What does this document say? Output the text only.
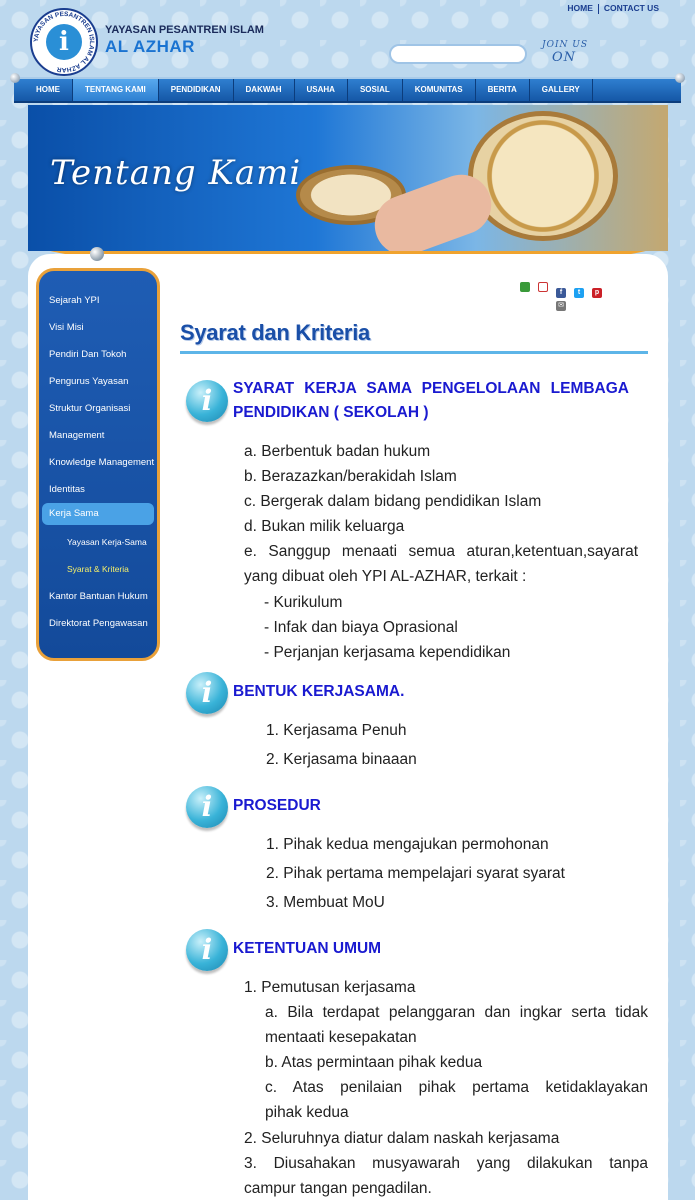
YAYASAN PESANTREN ISLAM AL AZHAR
i	YAYASAN PESANTREN ISLAM
AL AZHAR
HOME CONTACT US
JOIN US
ON
HOME	TENTANG KAMI	PENDIDIKAN	DAKWAH	USAHA	SOSIAL	KOMUNITAS	BERITA	GALLERY
Tentang Kami
Sejarah YPI
Visi Misi
Pendiri Dan Tokoh
Pengurus Yayasan
Struktur Organisasi
Management
Knowledge Management
Identitas
Kerja Sama
Yayasan Kerja-Sama
Syarat & Kriteria
Kantor Bantuan Hukum
Direktorat Pengawasan
f	t	p
✉
Syarat dan Kriteria
i	SYARAT KERJA SAMA PENGELOLAAN LEMBAGA
PENDIDIKAN ( SEKOLAH )
a. Berbentuk badan hukum
b. Berazazkan/berakidah Islam
c. Bergerak dalam bidang pendidikan Islam
d. Bukan milik keluarga
e. Sanggup menaati semua aturan,ketentuan,sayarat
yang dibuat oleh YPI AL-AZHAR, terkait :
- Kurikulum
- Infak dan biaya Oprasional
- Perjanjan kerjasama kependidikan
i	BENTUK KERJASAMA.
1. Kerjasama Penuh
2. Kerjasama binaaan
i	PROSEDUR
1. Pihak kedua mengajukan permohonan
2. Pihak pertama mempelajari syarat syarat
3. Membuat MoU
i	KETENTUAN UMUM
1. Pemutusan kerjasama
a. Bila terdapat pelanggaran dan ingkar serta tidak
mentaati kesepakatan
b. Atas permintaan pihak kedua
c. Atas penilaian pihak pertama ketidaklayakan
pihak kedua
2. Seluruhnya diatur dalam naskah kerjasama
3. Diusahakan musyawarah yang dilakukan tanpa
campur tangan pengadilan.
